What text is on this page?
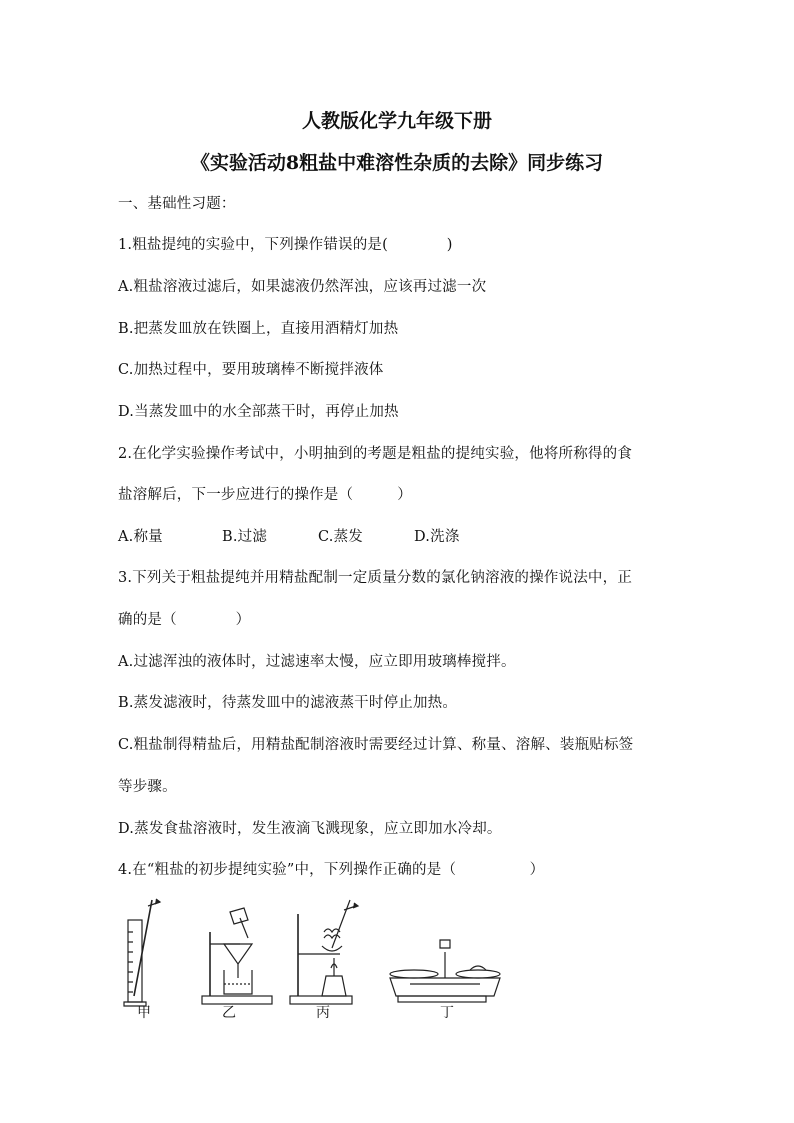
人教版化学九年级下册
《实验活动8粗盐中难溶性杂质的去除》同步练习
一、基础性习题：
1.粗盐提纯的实验中，下列操作错误的是(　　　　)
A.粗盐溶液过滤后，如果滤液仍然浑浊，应该再过滤一次
B.把蒸发皿放在铁圈上，直接用酒精灯加热
C.加热过程中，要用玻璃棒不断搅拌液体
D.当蒸发皿中的水全部蒸干时，再停止加热
2.在化学实验操作考试中，小明抽到的考题是粗盐的提纯实验，他将所称得的食
盐溶解后，下一步应进行的操作是（　　　）
A.称量	B.过滤	C.蒸发	D.洗涤
3.下列关于粗盐提纯并用精盐配制一定质量分数的氯化钠溶液的操作说法中，正
确的是（　　　　）
A.过滤浑浊的液体时，过滤速率太慢，应立即用玻璃棒搅拌。
B.蒸发滤液时，待蒸发皿中的滤液蒸干时停止加热。
C.粗盐制得精盐后，用精盐配制溶液时需要经过计算、称量、溶解、装瓶贴标签
等步骤。
D.蒸发食盐溶液时，发生液滴飞溅现象，应立即加水冷却。
4.在“粗盐的初步提纯实验”中，下列操作正确的是（　　　　　）
甲	乙	丙	丁
